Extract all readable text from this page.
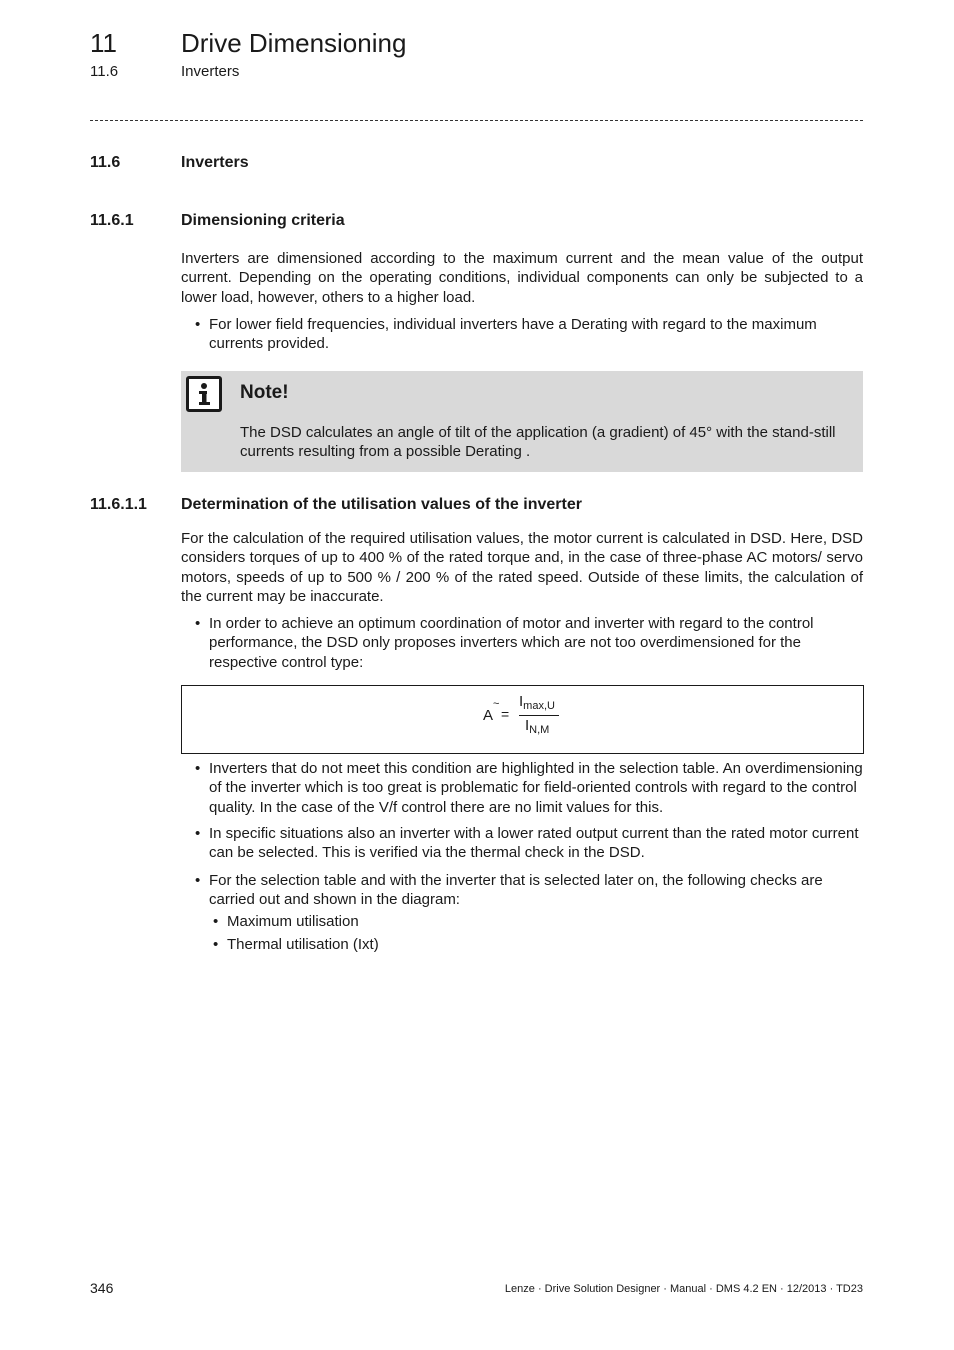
11 Drive Dimensioning
11.6	Inverters
11.6	Inverters
11.6.1	Dimensioning criteria
Inverters are dimensioned according to the maximum current and the mean value of the output current. Depending on the operating conditions, individual components can only be subjected to a lower load, however, others to a higher load.
• For lower field frequencies, individual inverters have a Derating with regard to the maximum currents provided.
Note!
The DSD calculates an angle of tilt of the application (a gradient) of 45° with the stand-still currents resulting from a possible Derating .
11.6.1.1 Determination of the utilisation values of the inverter
For the calculation of the required utilisation values, the motor current is calculated in DSD. Here, DSD considers torques of up to 400 % of the rated torque and, in the case of three-phase AC motors/ servo motors, speeds of up to 500 % / 200 % of the rated speed. Outside of these limits, the calculation of the current may be inaccurate.
• In order to achieve an optimum coordination of motor and inverter with regard to the control performance, the DSD only proposes inverters which are not too overdimensioned for the respective control type:
A
~
=
$I_{max,U}$
$I_{N,M}$
• Inverters that do not meet this condition are highlighted in the selection table. An overdimensioning of the inverter which is too great is problematic for field-oriented controls with regard to the control quality. In the case of the V/f control there are no limit values for this.
• In specific situations also an inverter with a lower rated output current than the rated motor current can be selected. This is verified via the thermal check in the DSD.
• For the selection table and with the inverter that is selected later on, the following checks are carried out and shown in the diagram:
• Maximum utilisation
• Thermal utilisation (Ixt)
346	Lenze · Drive Solution Designer · Manual · DMS 4.2 EN · 12/2013 · TD23
